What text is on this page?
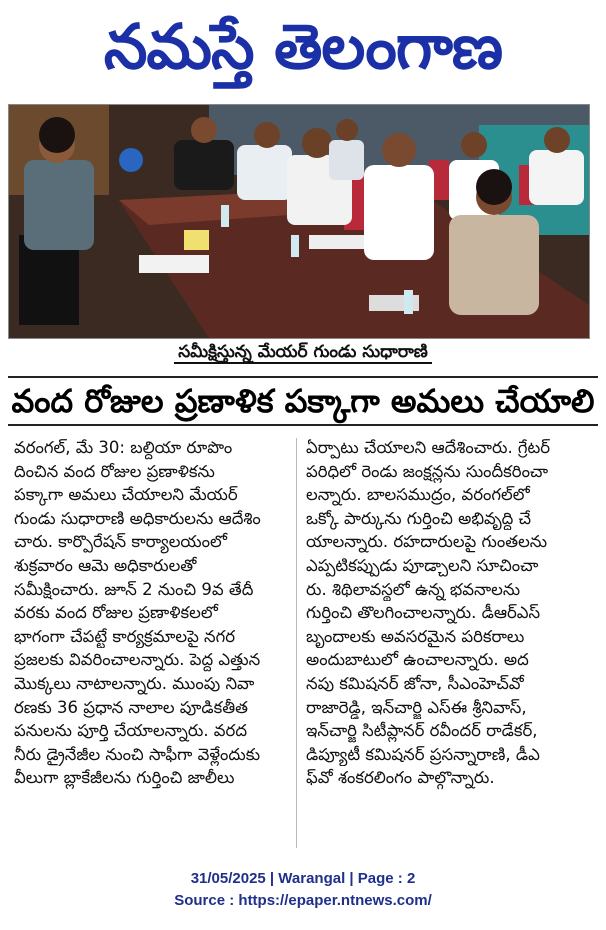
నమస్తే తెలంగాణ
సమీక్షిస్తున్న మేయర్ గుండు సుధారాణి
వంద రోజుల ప్రణాళిక పక్కాగా అమలు చేయాలి

వరంగల్, మే 30: బల్దియా రూపొం

దించిన వంద రోజుల ప్రణాళికను

పక్కాగా అమలు చేయాలని మేయర్

గుండు సుధారాణి అధికారులను ఆదేశిం

చారు. కార్పొరేషన్ కార్యాలయంలో

శుక్రవారం ఆమె అధికారులతో

సమీక్షించారు. జూన్ 2 నుంచి 9వ తేదీ

వరకు వంద రోజుల ప్రణాళికలలో

భాగంగా చేపట్టే కార్యక్రమాలపై నగర

ప్రజలకు వివరించాలన్నారు. పెద్ద ఎత్తున

మొక్కలు నాటాలన్నారు. ముంపు నివా

రణకు 36 ప్రధాన నాలాల పూడికతీత

పనులను పూర్తి చేయాలన్నారు. వరద

నీరు డ్రైనేజీల నుంచి సాఫీగా వెళ్లేందుకు

వీలుగా బ్లాకేజీలను గుర్తించి జాలీలు

ఏర్పాటు చేయాలని ఆదేశించారు. గ్రేటర్

పరిధిలో రెండు జంక్షన్లను సుందీకరించా

లన్నారు. బాలసముద్రం, వరంగల్‌లో

ఒక్కో పార్కును గుర్తించి అభివృద్ధి చే

యాలన్నారు. రహదారులపై గుంతలను

ఎప్పటికప్పుడు పూడ్చాలని సూచించా

రు. శిథిలావస్థలో ఉన్న భవనాలను

గుర్తించి తొలగించాలన్నారు. డీఆర్ఎస్

బృందాలకు అవసరమైన పరికరాలు

అందుబాటులో ఉంచాలన్నారు. అద

నపు కమిషనర్ జోనా, సీఎంహెచ్‌వో

రాజారెడ్డి, ఇన్‌చార్జి ఎస్ఈ శ్రీనివాస్,

ఇన్‌చార్జి సిటీప్లానర్ రవీందర్ రాడేకర్,

డిప్యూటీ కమిషనర్ ప్రసన్నారాణి, డీఎ

ఫ్‌వో శంకరలింగం పాల్గొన్నారు.

31/05/2025 | Warangal | Page : 2
Source : https://epaper.ntnews.com/
